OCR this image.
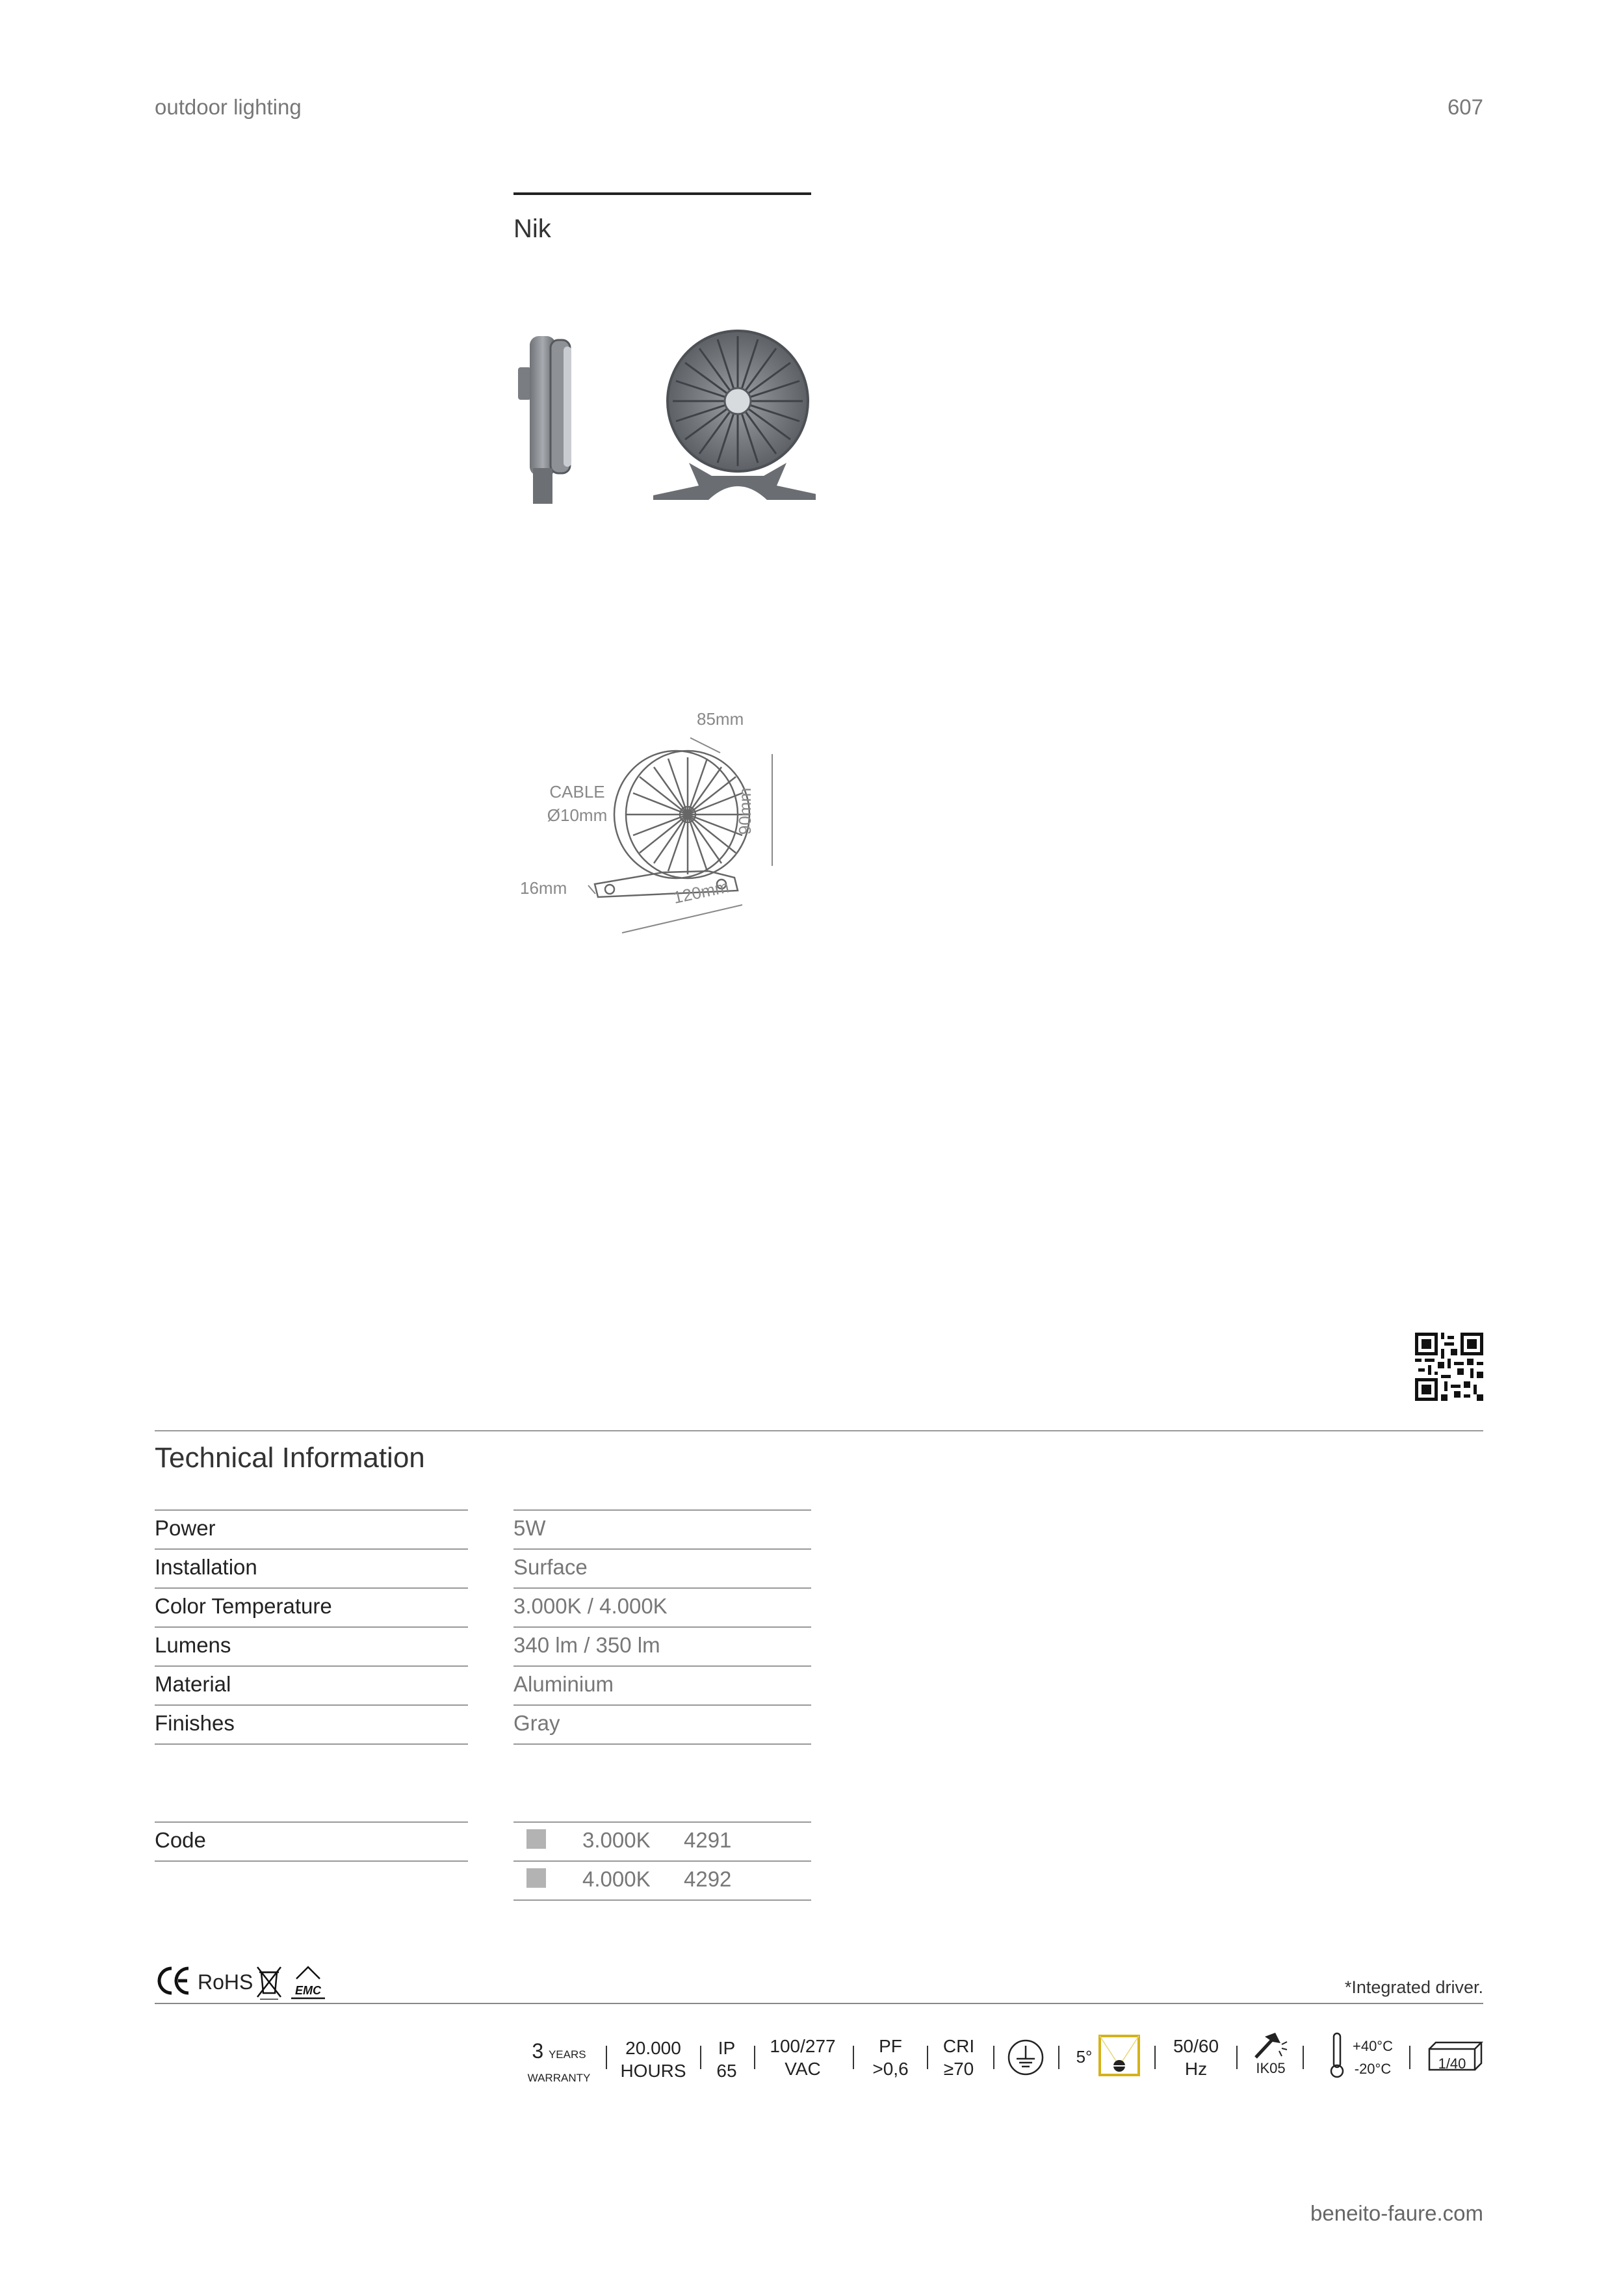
outdoor lighting	607
Nik
85mm
CABLE
Ø10mm	90mm
120mm
16mm
Technical Information
Power	5W
Installation	Surface
Color Temperature	3.000K / 4.000K
Lumens	340 lm / 350 lm
Material	Aluminium
Finishes	Gray
Code	3.000K 4291
4.000K 4292
RoHS	EMC	*Integrated driver.
3 YEARS
WARRANTY
20.000
HOURS
IP
65
100/277
VAC
PF
>0,6
CRI
≥70
5°
50/60
Hz	IK05
+40°C
-20°C	1/40
beneito-faure.com
